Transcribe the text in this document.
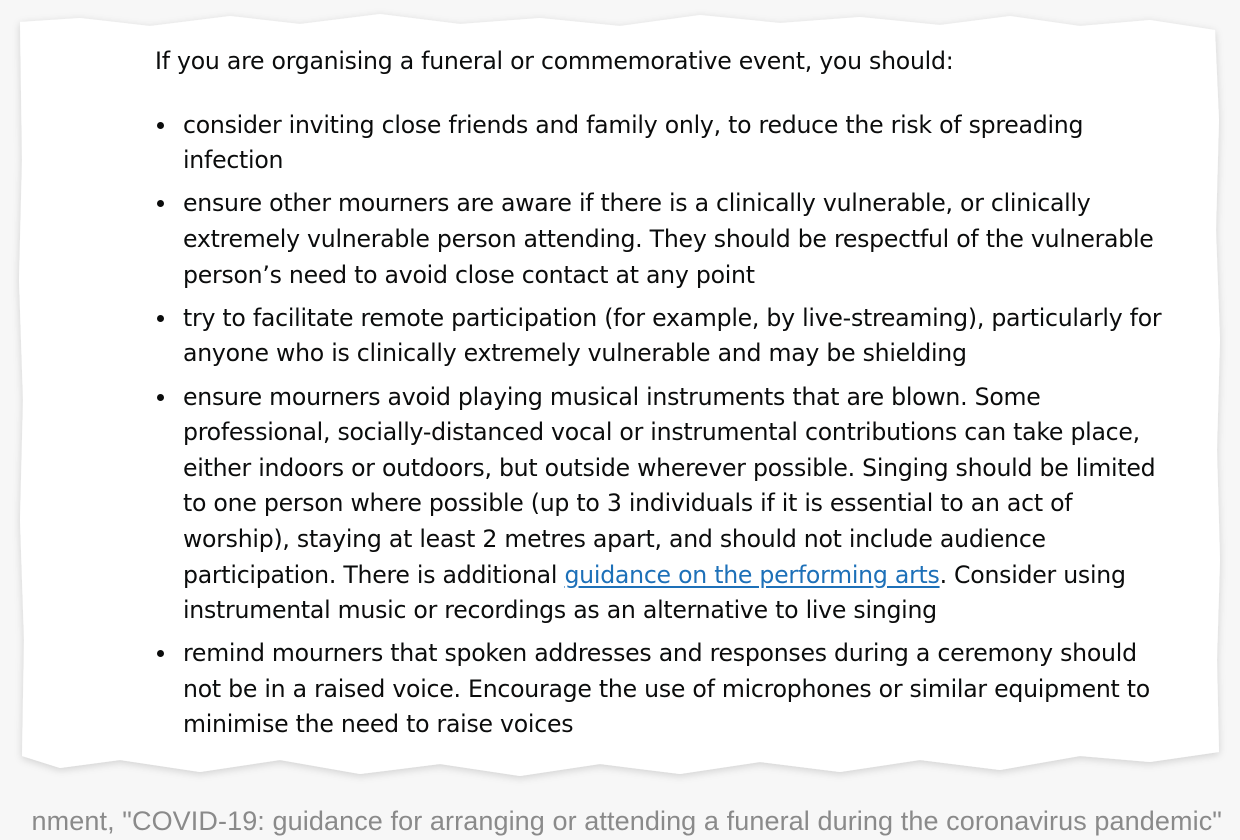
If you are organising a funeral or commemorative event, you should:

consider inviting close friends and family only, to reduce the risk of spreading infection
ensure other mourners are aware if there is a clinically vulnerable, or clinically extremely vulnerable person attending. They should be respectful of the vulnerable person’s need to avoid close contact at any point
try to facilitate remote participation (for example, by live-streaming), particularly for anyone who is clinically extremely vulnerable and may be shielding
ensure mourners avoid playing musical instruments that are blown. Some professional, socially-distanced vocal or instrumental contributions can take place, either indoors or outdoors, but outside wherever possible. Singing should be limited to one person where possible (up to 3 individuals if it is essential to an act of worship), staying at least 2 metres apart, and should not include audience participation. There is additional guidance on the performing arts. Consider using instrumental music or recordings as an alternative to live singing
remind mourners that spoken addresses and responses during a ceremony should not be in a raised voice. Encourage the use of microphones or similar equipment to minimise the need to raise voices
nment, "COVID-19: guidance for arranging or attending a funeral during the coronavirus pandemic"
